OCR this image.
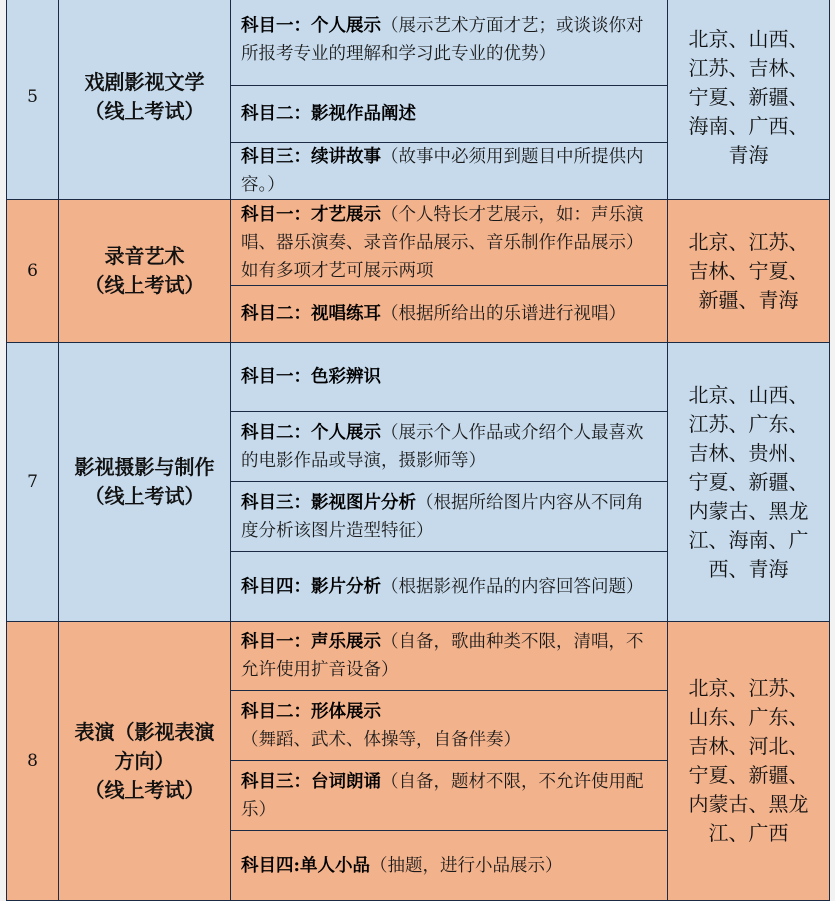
5	戏剧影视文学
（线上考试）	科目一：个人展示（展示艺术方面才艺；或谈谈你对所报考专业的理解和学习此专业的优势）	北京、山西、江苏、吉林、宁夏、新疆、海南、广西、青海
		科目二：影视作品阐述	
		科目三：续讲故事（故事中必须用到题目中所提供内容。）	
6	录音艺术
（线上考试）	科目一：才艺展示（个人特长才艺展示，如：声乐演唱、器乐演奏、录音作品展示、音乐制作作品展示）如有多项才艺可展示两项	北京、江苏、吉林、宁夏、新疆、青海
		科目二：视唱练耳（根据所给出的乐谱进行视唱）	
7	影视摄影与制作
（线上考试）	科目一：色彩辨识	北京、山西、江苏、广东、吉林、贵州、宁夏、新疆、内蒙古、黑龙江、海南、广西、青海
		科目二：个人展示（展示个人作品或介绍个人最喜欢的电影作品或导演，摄影师等）	
		科目三：影视图片分析（根据所给图片内容从不同角度分析该图片造型特征）	
		科目四：影片分析（根据影视作品的内容回答问题）	
8	表演（影视表演方向）
（线上考试）	科目一：声乐展示（自备，歌曲种类不限，清唱，不允许使用扩音设备）	北京、江苏、山东、广东、吉林、河北、宁夏、新疆、内蒙古、黑龙江、广西
		科目二：形体展示（舞蹈、武术、体操等，自备伴奏）	
		科目三：台词朗诵（自备，题材不限，不允许使用配乐）	
		科目四:单人小品（抽题，进行小品展示）	
